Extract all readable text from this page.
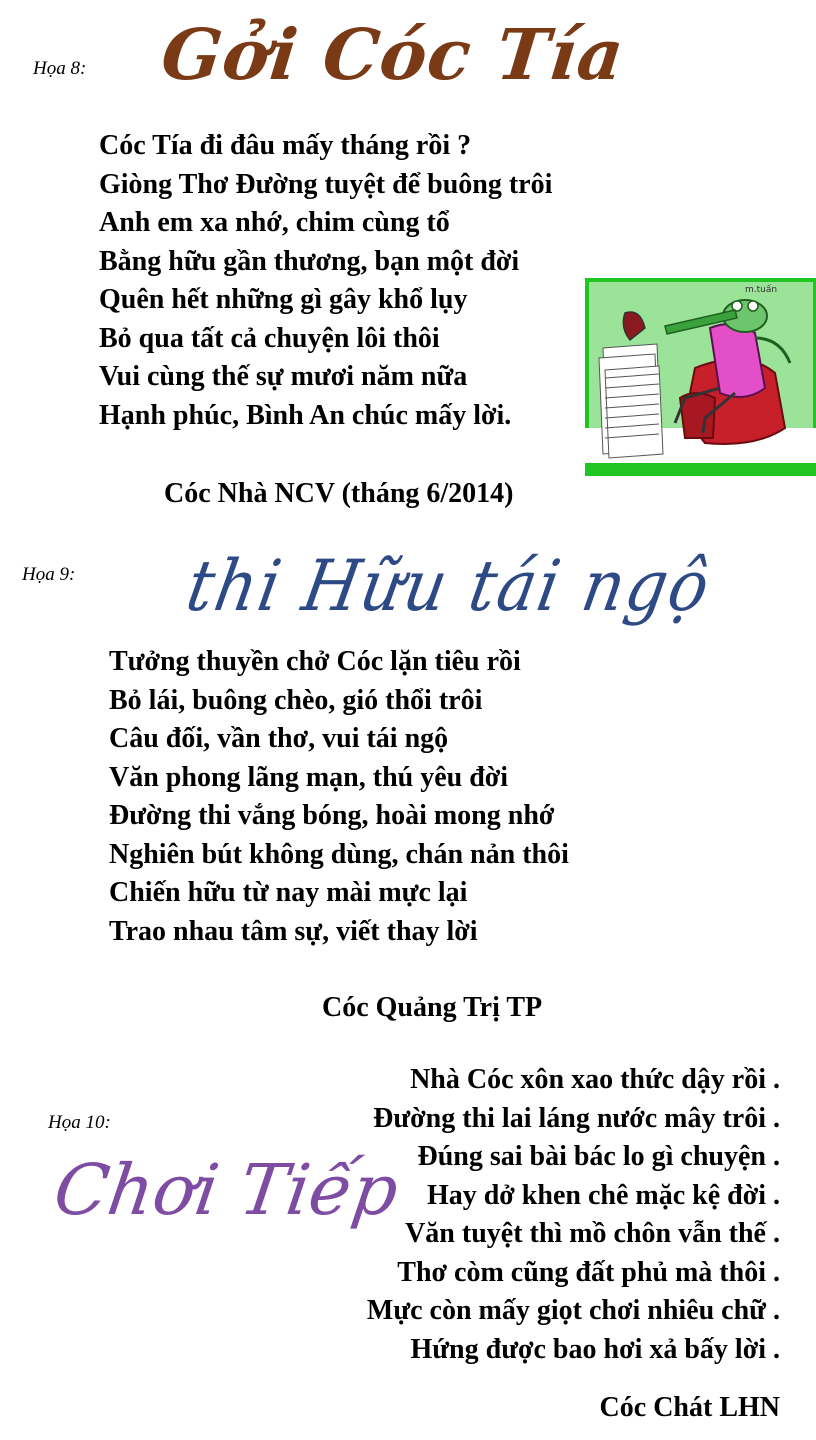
Họa 8: Gởi Cóc Tía
Cóc Tía đi đâu mấy tháng rồi ?
Giòng Thơ Đường tuyệt để buông trôi
Anh em xa nhớ, chim cùng tổ
Bằng hữu gần thương, bạn một đời
Quên hết những gì gây khổ lụy
Bỏ qua tất cả chuyện lôi thôi
Vui cùng thế sự mươi năm nữa
Hạnh phúc, Bình An chúc mấy lời.
m.tuấn
Cóc Nhà NCV (tháng 6/2014)
Họa 9: thi Hữu tái ngộ
Tưởng thuyền chở Cóc lặn tiêu rồi
Bỏ lái, buông chèo, gió thổi trôi
Câu đối, vần thơ, vui tái ngộ
Văn phong lãng mạn, thú yêu đời
Đường thi vắng bóng, hoài mong nhớ
Nghiên bút không dùng, chán nản thôi
Chiến hữu từ nay mài mực lại
Trao nhau tâm sự, viết thay lời
Cóc Quảng Trị TP
Họa 10:
Chơi Tiếp
Nhà Cóc xôn xao thức dậy rồi .
Đường thi lai láng nước mây trôi .
Đúng sai bài bác lo gì chuyện .
Hay dở khen chê mặc kệ đời .
Văn tuyệt thì mồ chôn vẫn thế .
Thơ còm cũng đất phủ mà thôi .
Mực còn mấy giọt chơi nhiêu chữ .
Hứng được bao hơi xả bấy lời .
Cóc Chát LHN
